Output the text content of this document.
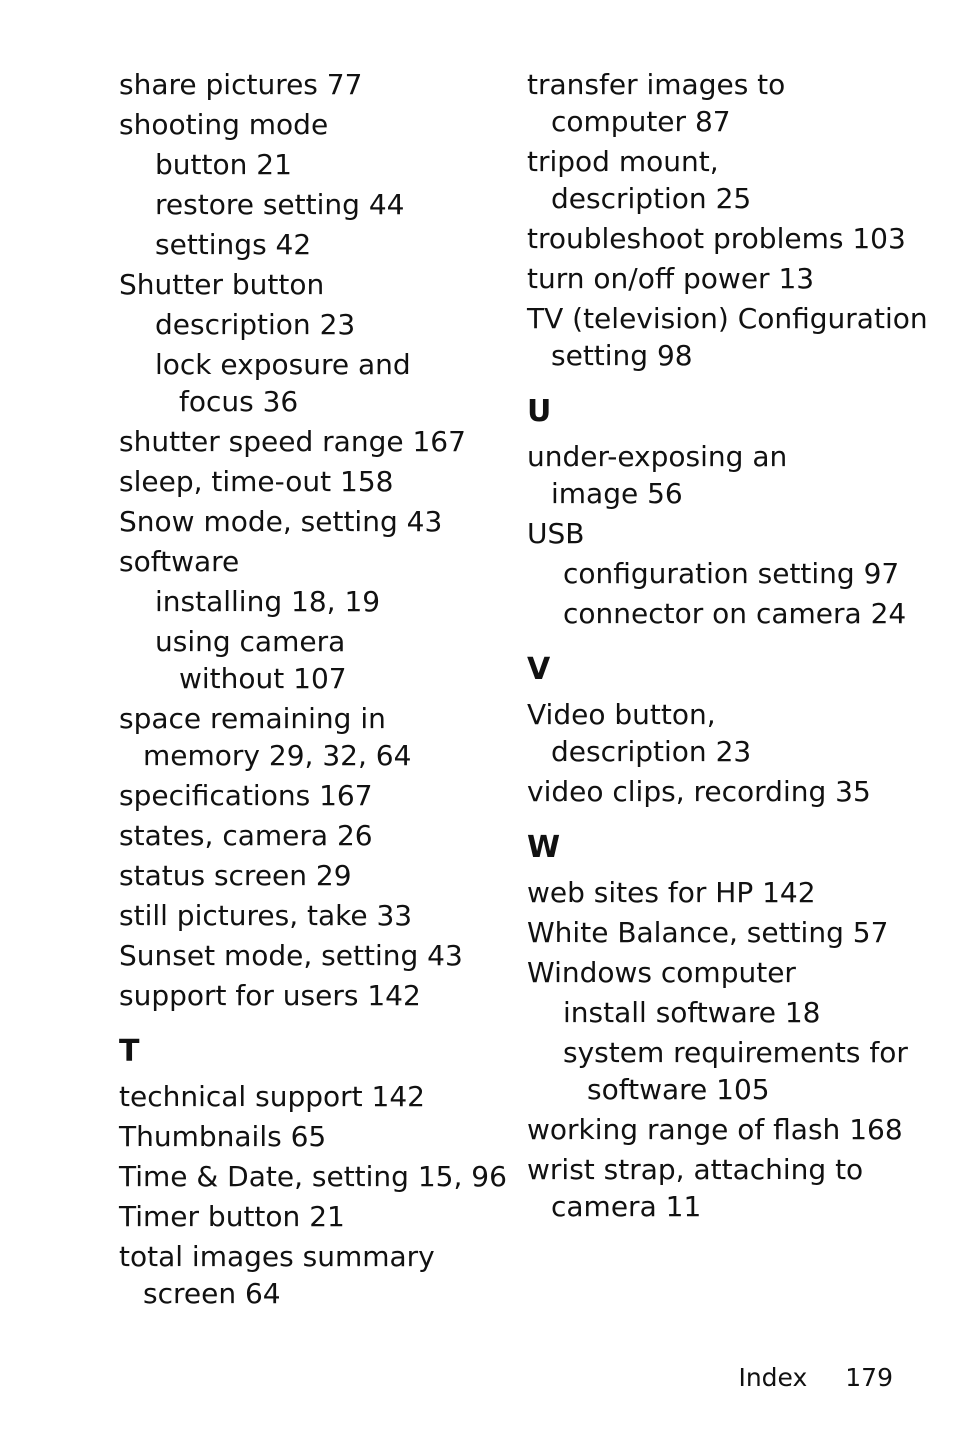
share pictures 77
shooting mode
button 21
restore setting 44
settings 42
Shutter button
description 23
lock exposure and
focus 36
shutter speed range 167
sleep, time-out 158
Snow mode, setting 43
software
installing 18, 19
using camera
without 107
space remaining in
memory 29, 32, 64
specifications 167
states, camera 26
status screen 29
still pictures, take 33
Sunset mode, setting 43
support for users 142
T
technical support 142
Thumbnails 65
Time & Date, setting 15, 96
Timer button 21
total images summary
screen 64
transfer images to
computer 87
tripod mount,
description 25
troubleshoot problems 103
turn on/off power 13
TV (television) Configuration
setting 98
U
under-exposing an
image 56
USB
configuration setting 97
connector on camera 24
V
Video button,
description 23
video clips, recording 35
W
web sites for HP 142
White Balance, setting 57
Windows computer
install software 18
system requirements for
software 105
working range of flash 168
wrist strap, attaching to
camera 11
Index 179
